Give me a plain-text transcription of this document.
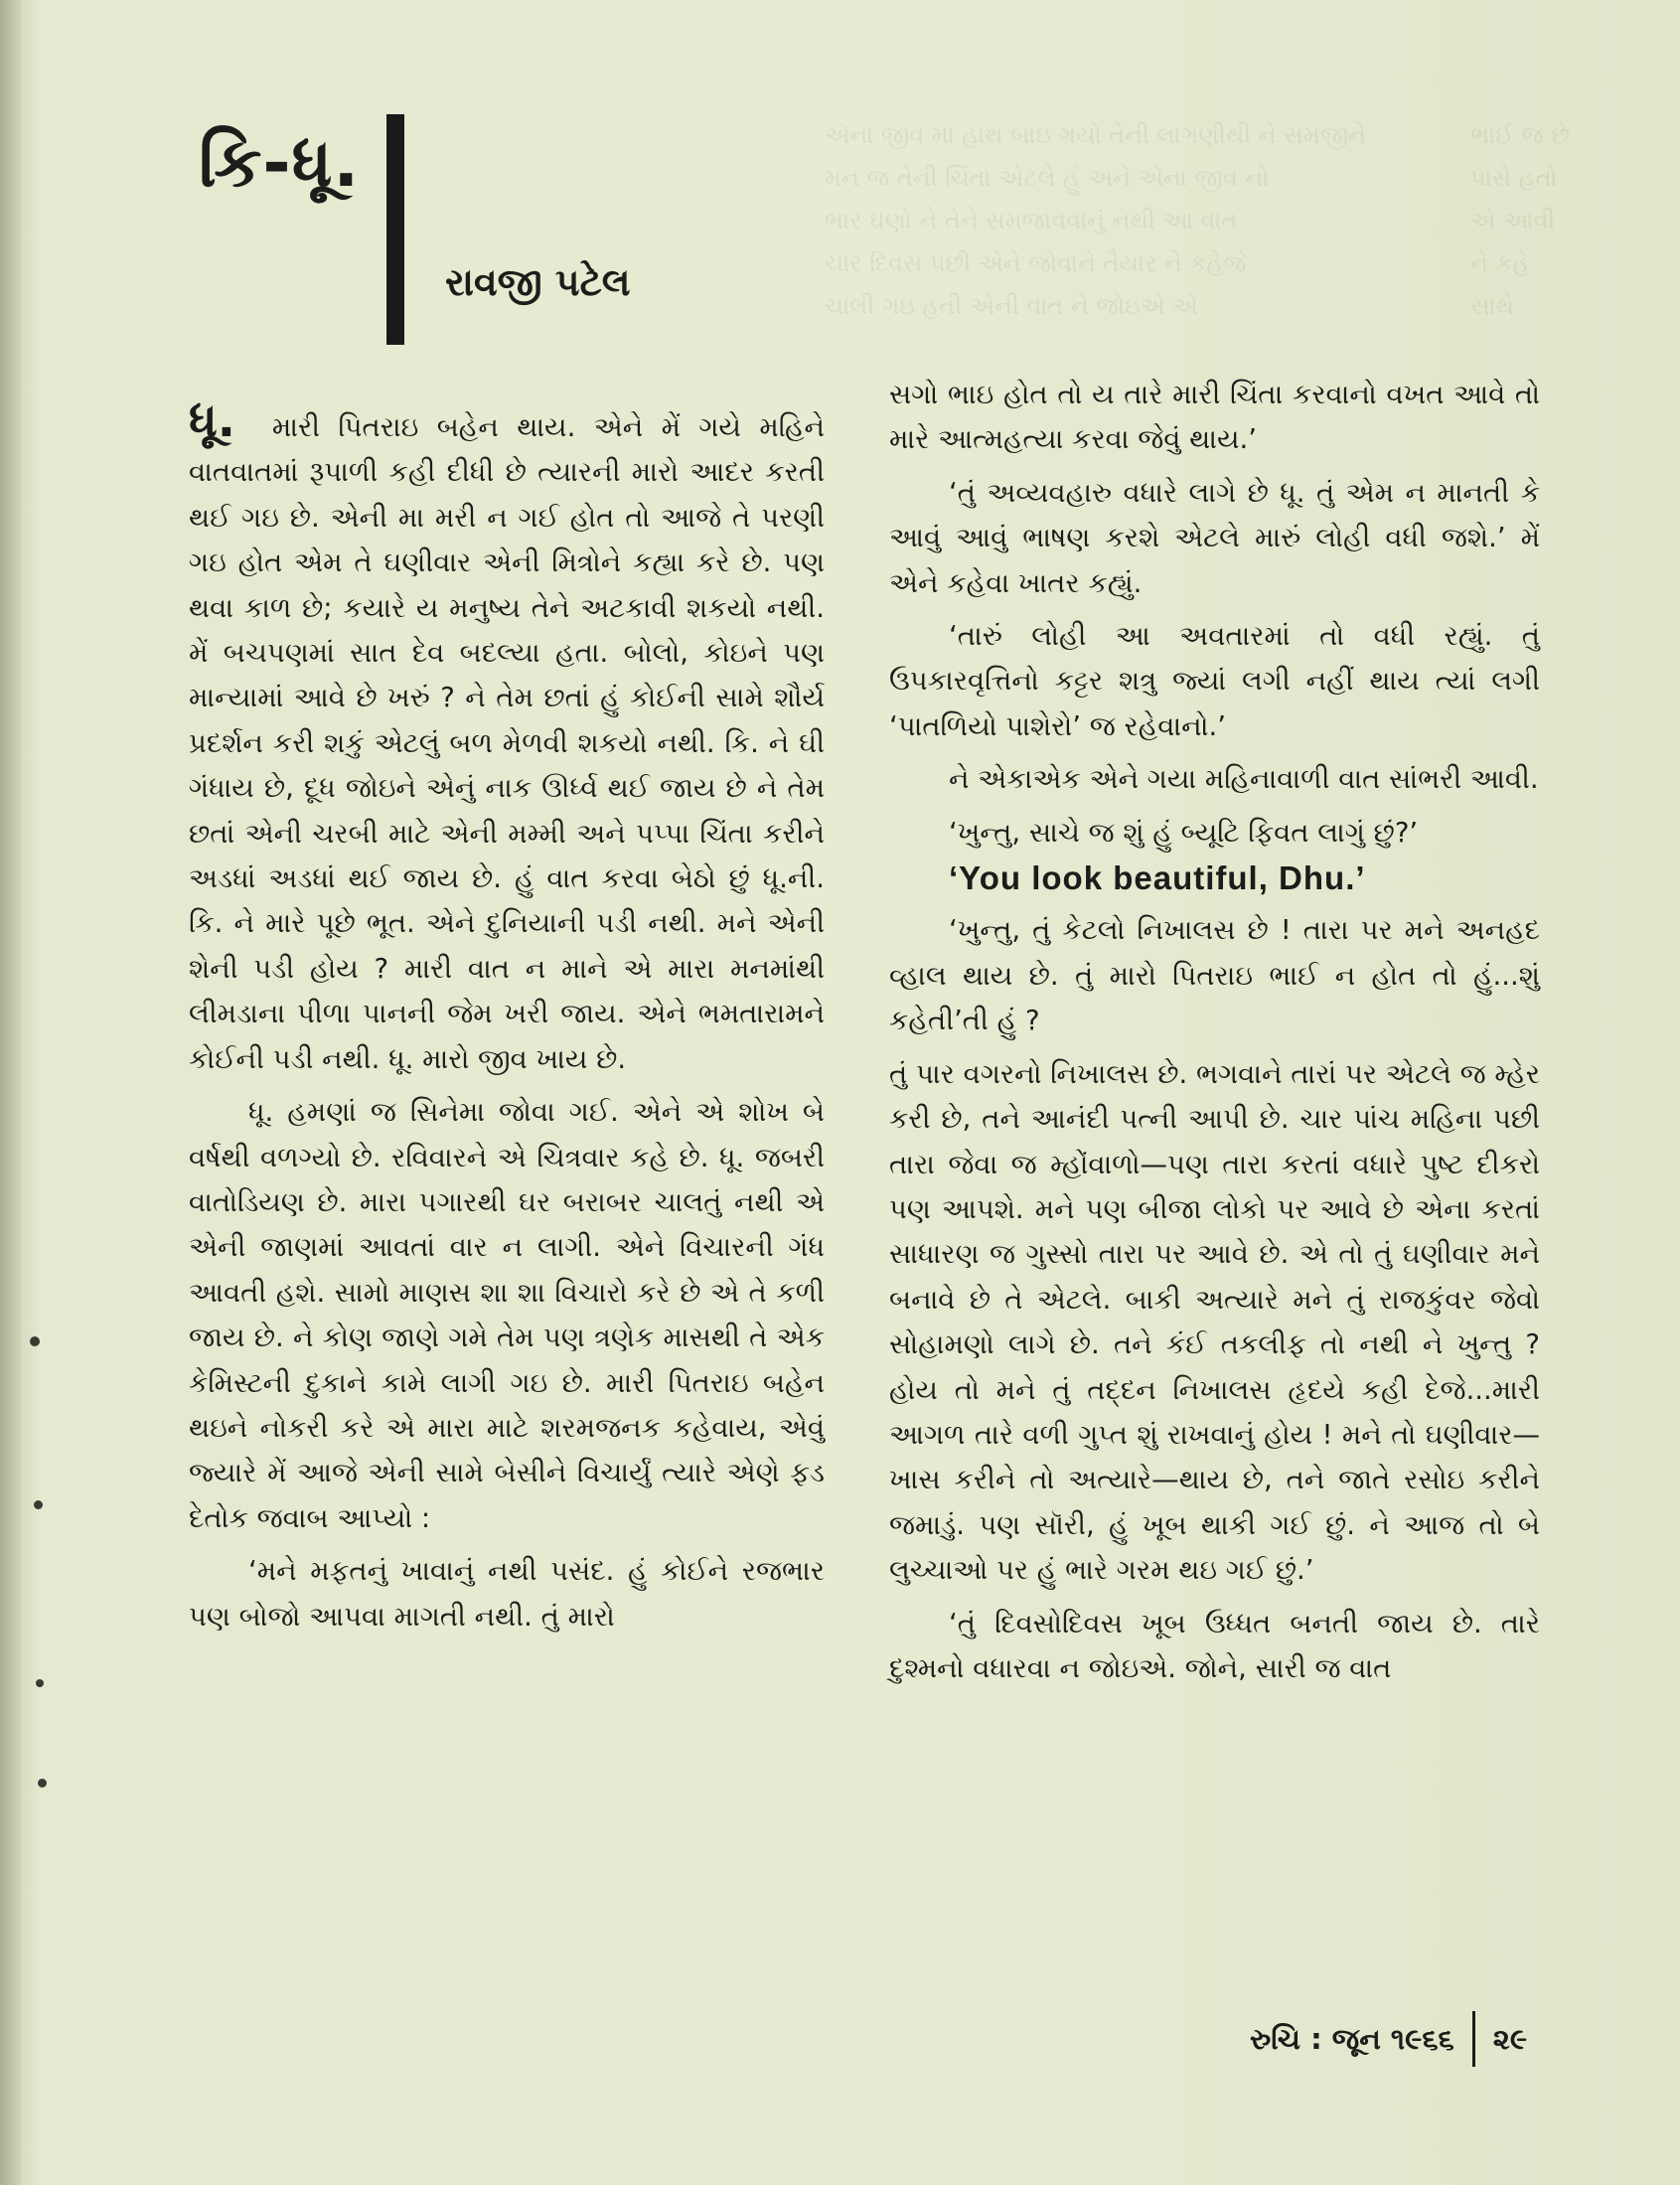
ઍના જીવ મા હાથ બાઇ ગયો તેની લાગણીથી ને સમજીને
મન જ તેની ચિંતા એટલે હું અને એના જીવ નો
ભાર ઘણો ને તેને સમજાવવાનું નથી આ વાત
ચાર દિવસ પછી એને જોવાને તૈયાર ને કહેજે
ચાલી ગઇ હતી એની વાત ને જોઇએ એ
ભાઈ જ છે
પાસે હતો
એ આવી
ને કહે
સાથે
કિ-ધૂ.
રાવજી પટેલ

ધૂ. મારી પિતરાઇ બહેન થાય. એને મેં ગયે મહિને વાતવાતમાં રૂપાળી કહી દીધી છે ત્યારની મારો આદર કરતી થઈ ગઇ છે. એની મા મરી ન ગઈ હોત તો આજે તે પરણી ગઇ હોત એમ તે ઘણીવાર એની મિત્રોને કહ્યા કરે છે. પણ થવા કાળ છે; કયારે ય મનુષ્ય તેને અટકાવી શકયો નથી. મેં બચપણમાં સાત દેવ બદલ્યા હતા. બોલો, કોઇને પણ માન્યામાં આવે છે ખરું ? ને તેમ છતાં હું કોઈની સામે શૌર્ય પ્રદર્શન કરી શકું એટલું બળ મેળવી શકયો નથી. કિ. ને ઘી ગંધાય છે, દૂધ જોઇને એનું નાક ઊર્ધ્વ થઈ જાય છે ને તેમ છતાં એની ચરબી માટે એની મમ્મી અને પપ્પા ચિંતા કરીને અડધાં અડધાં થઈ જાય છે. હું વાત કરવા બેઠો છું ધૂ.ની. કિ. ને મારે પૂછે ભૂત. એને દુનિયાની પડી નથી. મને એની શેની પડી હોય ? મારી વાત ન માને એ મારા મનમાંથી લીમડાના પીળા પાનની જેમ ખરી જાય. એને ભમતારામને કોઈની પડી નથી. ધૂ. મારો જીવ ખાય છે.

ધૂ. હમણાં જ સિનેમા જોવા ગઈ. એને એ શોખ બે વર્ષથી વળગ્યો છે. રવિવારને એ ચિત્રવાર કહે છે. ધૂ. જબરી વાતોડિયણ છે. મારા પગારથી ઘર બરાબર ચાલતું નથી એ એની જાણમાં આવતાં વાર ન લાગી. એને વિચારની ગંધ આવતી હશે. સામો માણસ શા શા વિચારો કરે છે એ તે કળી જાય છે. ને કોણ જાણે ગમે તેમ પણ ત્રણેક માસથી તે એક કેમિસ્ટની દુકાને કામે લાગી ગઇ છે. મારી પિતરાઇ બહેન થઇને નોકરી કરે એ મારા માટે શરમજનક કહેવાય, એવું જ્યારે મેં આજે એની સામે બેસીને વિચાર્યું ત્યારે એણે ફડ દેતોક જવાબ આપ્યો :

‘મને મફતનું ખાવાનું નથી પસંદ. હું કોઈને રજભાર પણ બોજો આપવા માગતી નથી. તું મારો

સગો ભાઇ હોત તો ય તારે મારી ચિંતા કરવાનો વખત આવે તો મારે આત્મહત્યા કરવા જેવું થાય.’

‘તું અવ્યવહારુ વધારે લાગે છે ધૂ. તું એમ ન માનતી કે આવું આવું ભાષણ કરશે એટલે મારું લોહી વધી જશે.’ મેં એને કહેવા ખાતર કહ્યું.

‘તારું લોહી આ અવતારમાં તો વધી રહ્યું. તું ઉપકારવૃત્તિનો કટ્ટર શત્રુ જ્યાં લગી નહીં થાય ત્યાં લગી ‘પાતળિયો પાશેરો’ જ રહેવાનો.’

ને એકાએક એને ગયા મહિનાવાળી વાત સાંભરી આવી.

‘ખુન્તુ, સાચે જ શું હું બ્યૂટિ ફિવત લાગું છું?’

‘You look beautiful, Dhu.’

‘ખુન્તુ, તું કેટલો નિખાલસ છે ! તારા પર મને અનહદ વ્હાલ થાય છે. તું મારો પિતરાઇ ભાઈ ન હોત તો હું...શું કહેતી’તી હું ?

તું પાર વગરનો નિખાલસ છે. ભગવાને તારાં પર એટલે જ મ્હેર કરી છે, તને આનંદી પત્ની આપી છે. ચાર પાંચ મહિના પછી તારા જેવા જ મ્હોંવાળો—પણ તારા કરતાં વધારે પુષ્ટ દીકરો પણ આપશે. મને પણ બીજા લોકો પર આવે છે એના કરતાં સાધારણ જ ગુસ્સો તારા પર આવે છે. એ તો તું ઘણીવાર મને બનાવે છે તે એટલે. બાકી અત્યારે મને તું રાજકુંવર જેવો સોહામણો લાગે છે. તને કંઈ તકલીફ તો નથી ને ખુન્તુ ? હોય તો મને તું તદ્દન નિખાલસ હૃદયે કહી દેજે...મારી આગળ તારે વળી ગુપ્ત શું રાખવાનું હોય ! મને તો ઘણીવાર—ખાસ કરીને તો અત્યારે—થાય છે, તને જાતે રસોઇ કરીને જમાડું. પણ સૉરી, હું ખૂબ થાકી ગઈ છું. ને આજ તો બે લુચ્ચાઓ પર હું ભારે ગરમ થઇ ગઈ છું.’

‘તું દિવસોદિવસ ખૂબ ઉધ્ધત બનતી જાય છે. તારે દુશ્મનો વધારવા ન જોઇએ. જોને, સારી જ વાત

રુચિ : જૂન ૧૯૬૬ ૨૯
